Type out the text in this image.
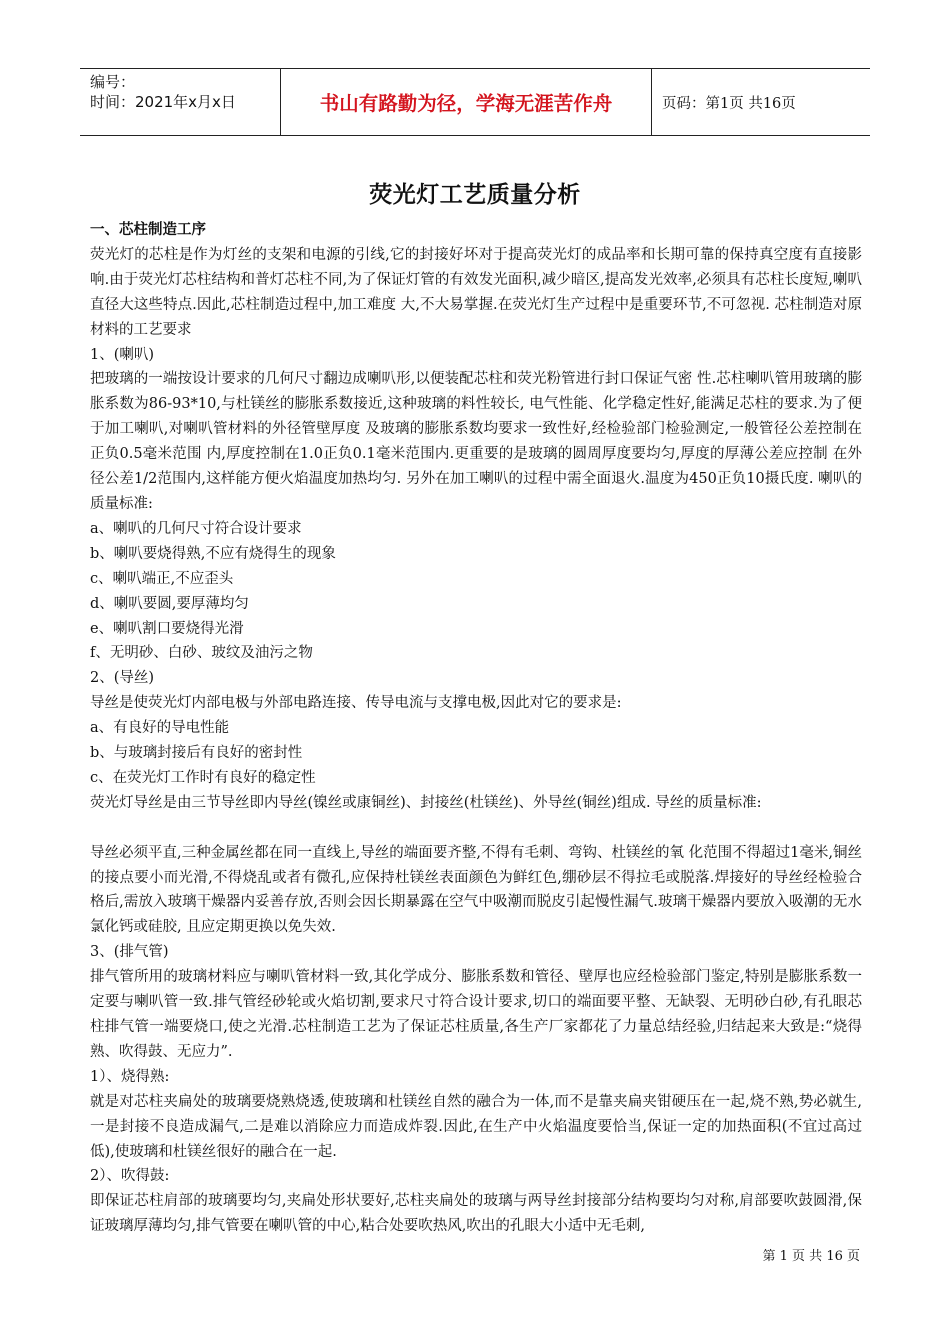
编号：
时间：2021年x月x日	书山有路勤为径，学海无涯苦作舟	页码：第1页 共16页
荧光灯工艺质量分析

一、芯柱制造工序

荧光灯的芯柱是作为灯丝的支架和电源的引线,它的封接好坏对于提高荧光灯的成品率和长期可靠的保持真空度有直接影响.由于荧光灯芯柱结构和普灯芯柱不同,为了保证灯管的有效发光面积,减少暗区,提高发光效率,必须具有芯柱长度短,喇叭直径大这些特点.因此,芯柱制造过程中,加工难度 大,不大易掌握.在荧光灯生产过程中是重要环节,不可忽视. 芯柱制造对原材料的工艺要求

1、(喇叭)

把玻璃的一端按设计要求的几何尺寸翻边成喇叭形,以便装配芯柱和荧光粉管进行封口保证气密 性.芯柱喇叭管用玻璃的膨胀系数为86-93*10,与杜镁丝的膨胀系数接近,这种玻璃的料性较长, 电气性能、化学稳定性好,能满足芯柱的要求.为了便于加工喇叭,对喇叭管材料的外径管壁厚度 及玻璃的膨胀系数均要求一致性好,经检验部门检验测定,一般管径公差控制在正负0.5毫米范围 内,厚度控制在1.0正负0.1毫米范围内.更重要的是玻璃的圆周厚度要均匀,厚度的厚薄公差应控制 在外径公差1/2范围内,这样能方便火焰温度加热均匀. 另外在加工喇叭的过程中需全面退火.温度为450正负10摄氏度. 喇叭的质量标准:

a、喇叭的几何尺寸符合设计要求

b、喇叭要烧得熟,不应有烧得生的现象

c、喇叭端正,不应歪头

d、喇叭要圆,要厚薄均匀

e、喇叭割口要烧得光滑

f、无明砂、白砂、玻纹及油污之物

2、(导丝)

导丝是使荧光灯内部电极与外部电路连接、传导电流与支撑电极,因此对它的要求是:

a、有良好的导电性能

b、与玻璃封接后有良好的密封性

c、在荧光灯工作时有良好的稳定性

荧光灯导丝是由三节导丝即内导丝(镍丝或康铜丝)、封接丝(杜镁丝)、外导丝(铜丝)组成. 导丝的质量标准:

导丝必须平直,三种金属丝都在同一直线上,导丝的端面要齐整,不得有毛刺、弯钩、杜镁丝的氧 化范围不得超过1毫米,铜丝的接点要小而光滑,不得烧乱或者有微孔,应保持杜镁丝表面颜色为鲜红色,绷砂层不得拉毛或脱落.焊接好的导丝经检验合格后,需放入玻璃干燥器内妥善存放,否则会因长期暴露在空气中吸潮而脱皮引起慢性漏气.玻璃干燥器内要放入吸潮的无水氯化钙或硅胶, 且应定期更换以免失效.

3、(排气管)

排气管所用的玻璃材料应与喇叭管材料一致,其化学成分、膨胀系数和管径、壁厚也应经检验部门鉴定,特别是膨胀系数一定要与喇叭管一致.排气管经砂轮或火焰切割,要求尺寸符合设计要求,切口的端面要平整、无缺裂、无明砂白砂,有孔眼芯柱排气管一端要烧口,使之光滑.芯柱制造工艺为了保证芯柱质量,各生产厂家都花了力量总结经验,归结起来大致是:“烧得熟、吹得鼓、无应力”.

1）、烧得熟:

就是对芯柱夹扁处的玻璃要烧熟烧透,使玻璃和杜镁丝自然的融合为一体,而不是靠夹扁夹钳硬压在一起,烧不熟,势必就生,一是封接不良造成漏气,二是难以消除应力而造成炸裂.因此,在生产中火焰温度要恰当,保证一定的加热面积(不宜过高过低),使玻璃和杜镁丝很好的融合在一起.

2）、吹得鼓:

即保证芯柱肩部的玻璃要均匀,夹扁处形状要好,芯柱夹扁处的玻璃与两导丝封接部分结构要均匀对称,肩部要吹鼓圆滑,保证玻璃厚薄均匀,排气管要在喇叭管的中心,粘合处要吹热风,吹出的孔眼大小适中无毛刺,

第 1 页 共 16 页
